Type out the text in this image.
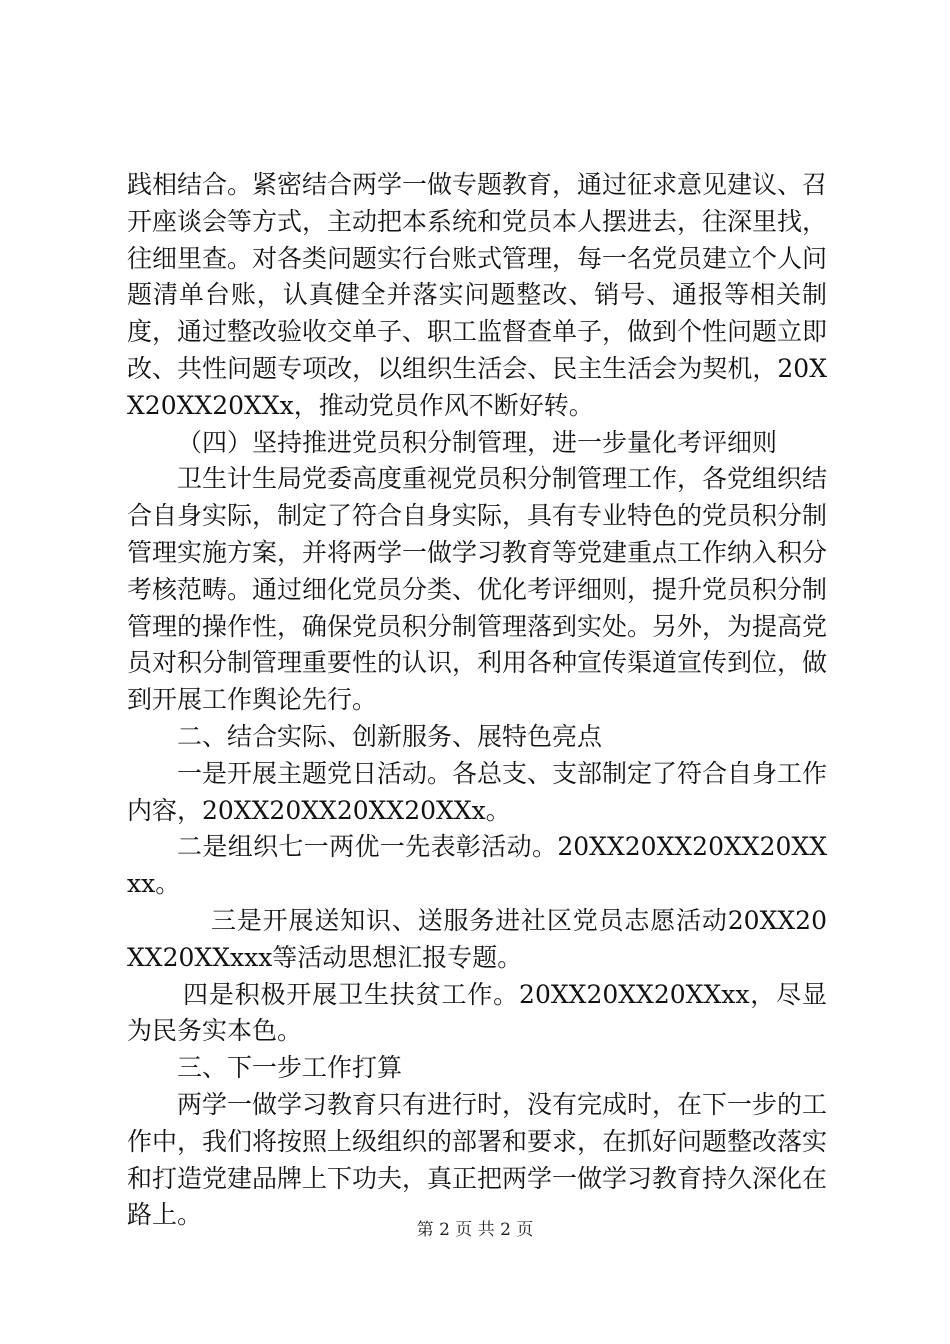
践相结合。紧密结合两学一做专题教育，通过征求意见建议、召开座谈会等方式，主动把本系统和党员本人摆进去，往深里找，往细里查。对各类问题实行台账式管理，每一名党员建立个人问题清单台账，认真健全并落实问题整改、销号、通报等相关制度，通过整改验收交单子、职工监督查单子，做到个性问题立即改、共性问题专项改，以组织生活会、民主生活会为契机，20XX20XX20XXx，推动党员作风不断好转。

（四）坚持推进党员积分制管理，进一步量化考评细则

卫生计生局党委高度重视党员积分制管理工作，各党组织结合自身实际，制定了符合自身实际，具有专业特色的党员积分制管理实施方案，并将两学一做学习教育等党建重点工作纳入积分考核范畴。通过细化党员分类、优化考评细则，提升党员积分制管理的操作性，确保党员积分制管理落到实处。另外，为提高党员对积分制管理重要性的认识，利用各种宣传渠道宣传到位，做到开展工作舆论先行。

二、结合实际、创新服务、展特色亮点

一是开展主题党日活动。各总支、支部制定了符合自身工作内容，20XX20XX20XX20XXx。

二是组织七一两优一先表彰活动。20XX20XX20XX20XXxx。

三是开展送知识、送服务进社区党员志愿活动20XX20XX20XXxxx等活动思想汇报专题。

四是积极开展卫生扶贫工作。20XX20XX20XXxx，尽显为民务实本色。

三、下一步工作打算

两学一做学习教育只有进行时，没有完成时，在下一步的工作中，我们将按照上级组织的部署和要求，在抓好问题整改落实和打造党建品牌上下功夫，真正把两学一做学习教育持久深化在路上。

第 2 页 共 2 页
